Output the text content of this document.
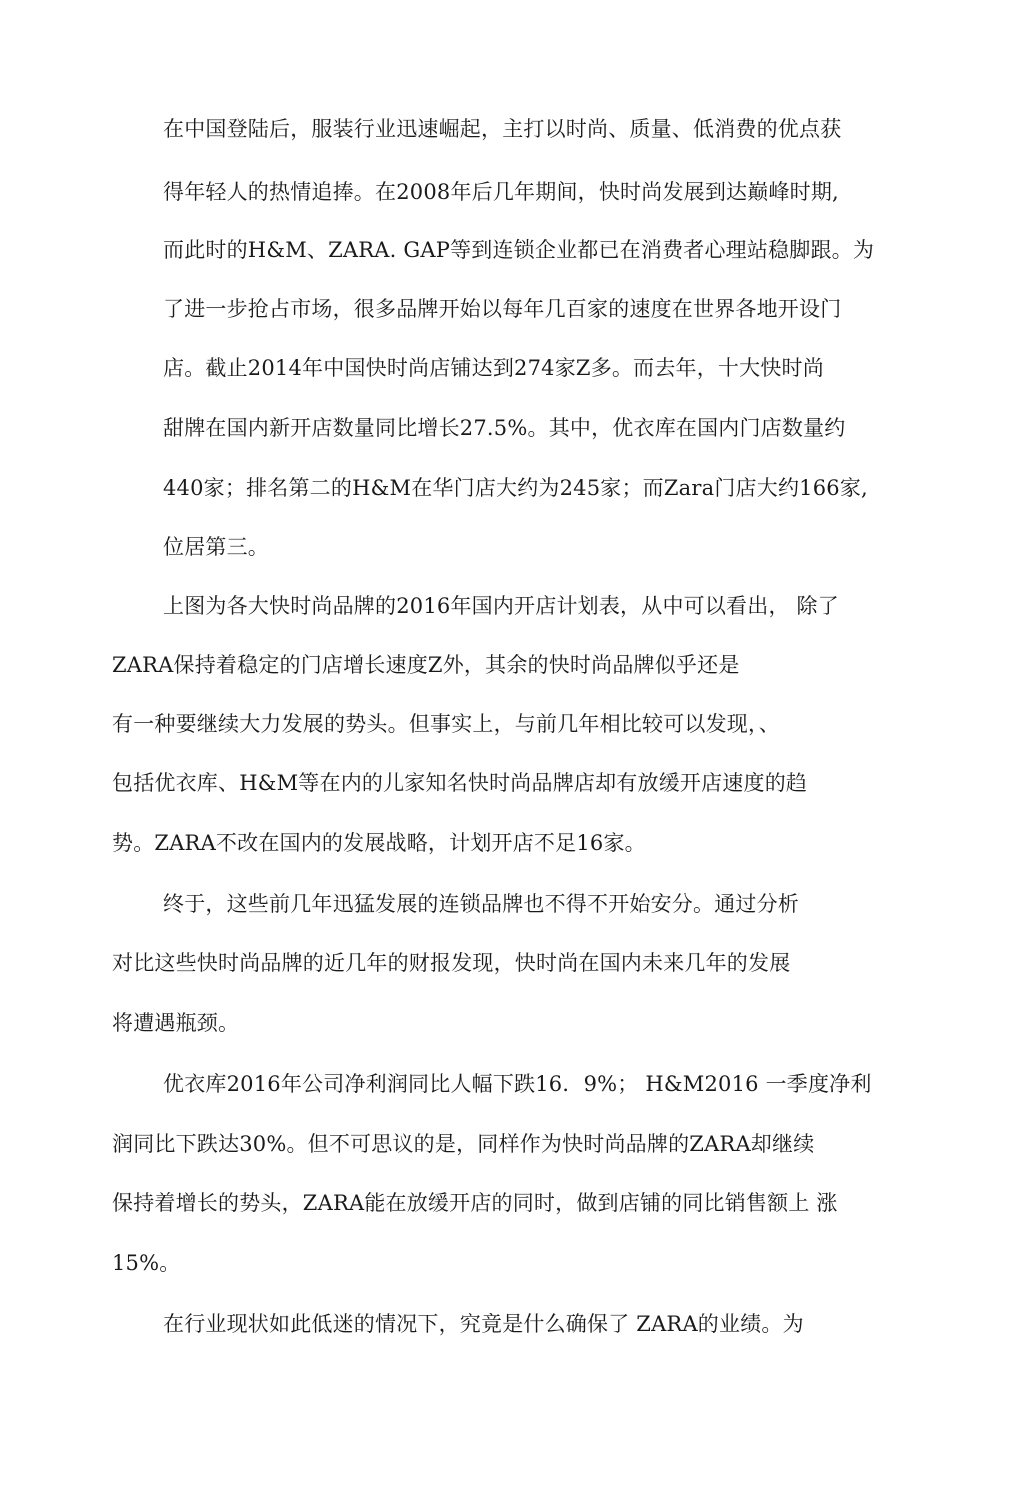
在中国登陆后，服装行业迅速崛起，主打以时尚、质量、低消费的优点获
得年轻人的热情追捧。在2008年后几年期间，快时尚发展到达巅峰时期,
而此时的H&M、ZARA. GAP等到连锁企业都已在消费者心理站稳脚跟。为
了进一步抢占市场，很多品牌开始以每年几百家的速度在世界各地开设门
店。截止2014年中国快时尚店铺达到274家Z多。而去年，十大快时尚
甜牌在国内新开店数量同比增长27.5%。其中，优衣库在国内门店数量约
440家；排名第二的H&M在华门店大约为245家；而Zara门店大约166家,
位居第三。
上图为各大快时尚品牌的2016年国内开店计划表，从中可以看出， 除了
ZARA保持着稳定的门店增长速度Z外，其余的快时尚品牌似乎还是
有一种要继续大力发展的势头。但事实上，与前几年相比较可以发现，、
包括优衣库、H&M等在内的儿家知名快时尚品牌店却有放缓开店速度的趋
势。ZARA不改在国内的发展战略，计划开店不足16家。
终于，这些前几年迅猛发展的连锁品牌也不得不开始安分。通过分析
对比这些快时尚品牌的近几年的财报发现，快时尚在国内未来几年的发展
将遭遇瓶颈。
优衣库2016年公司净利润同比人幅下跌16．9%； H&M2016 一季度净利
润同比下跌达30%。但不可思议的是，同样作为快时尚品牌的ZARA却继续
保持着增长的势头，ZARA能在放缓开店的同时，做到店铺的同比销售额上 涨
15%。
在行业现状如此低迷的情况下，究竟是什么确保了 ZARA的业绩。为
